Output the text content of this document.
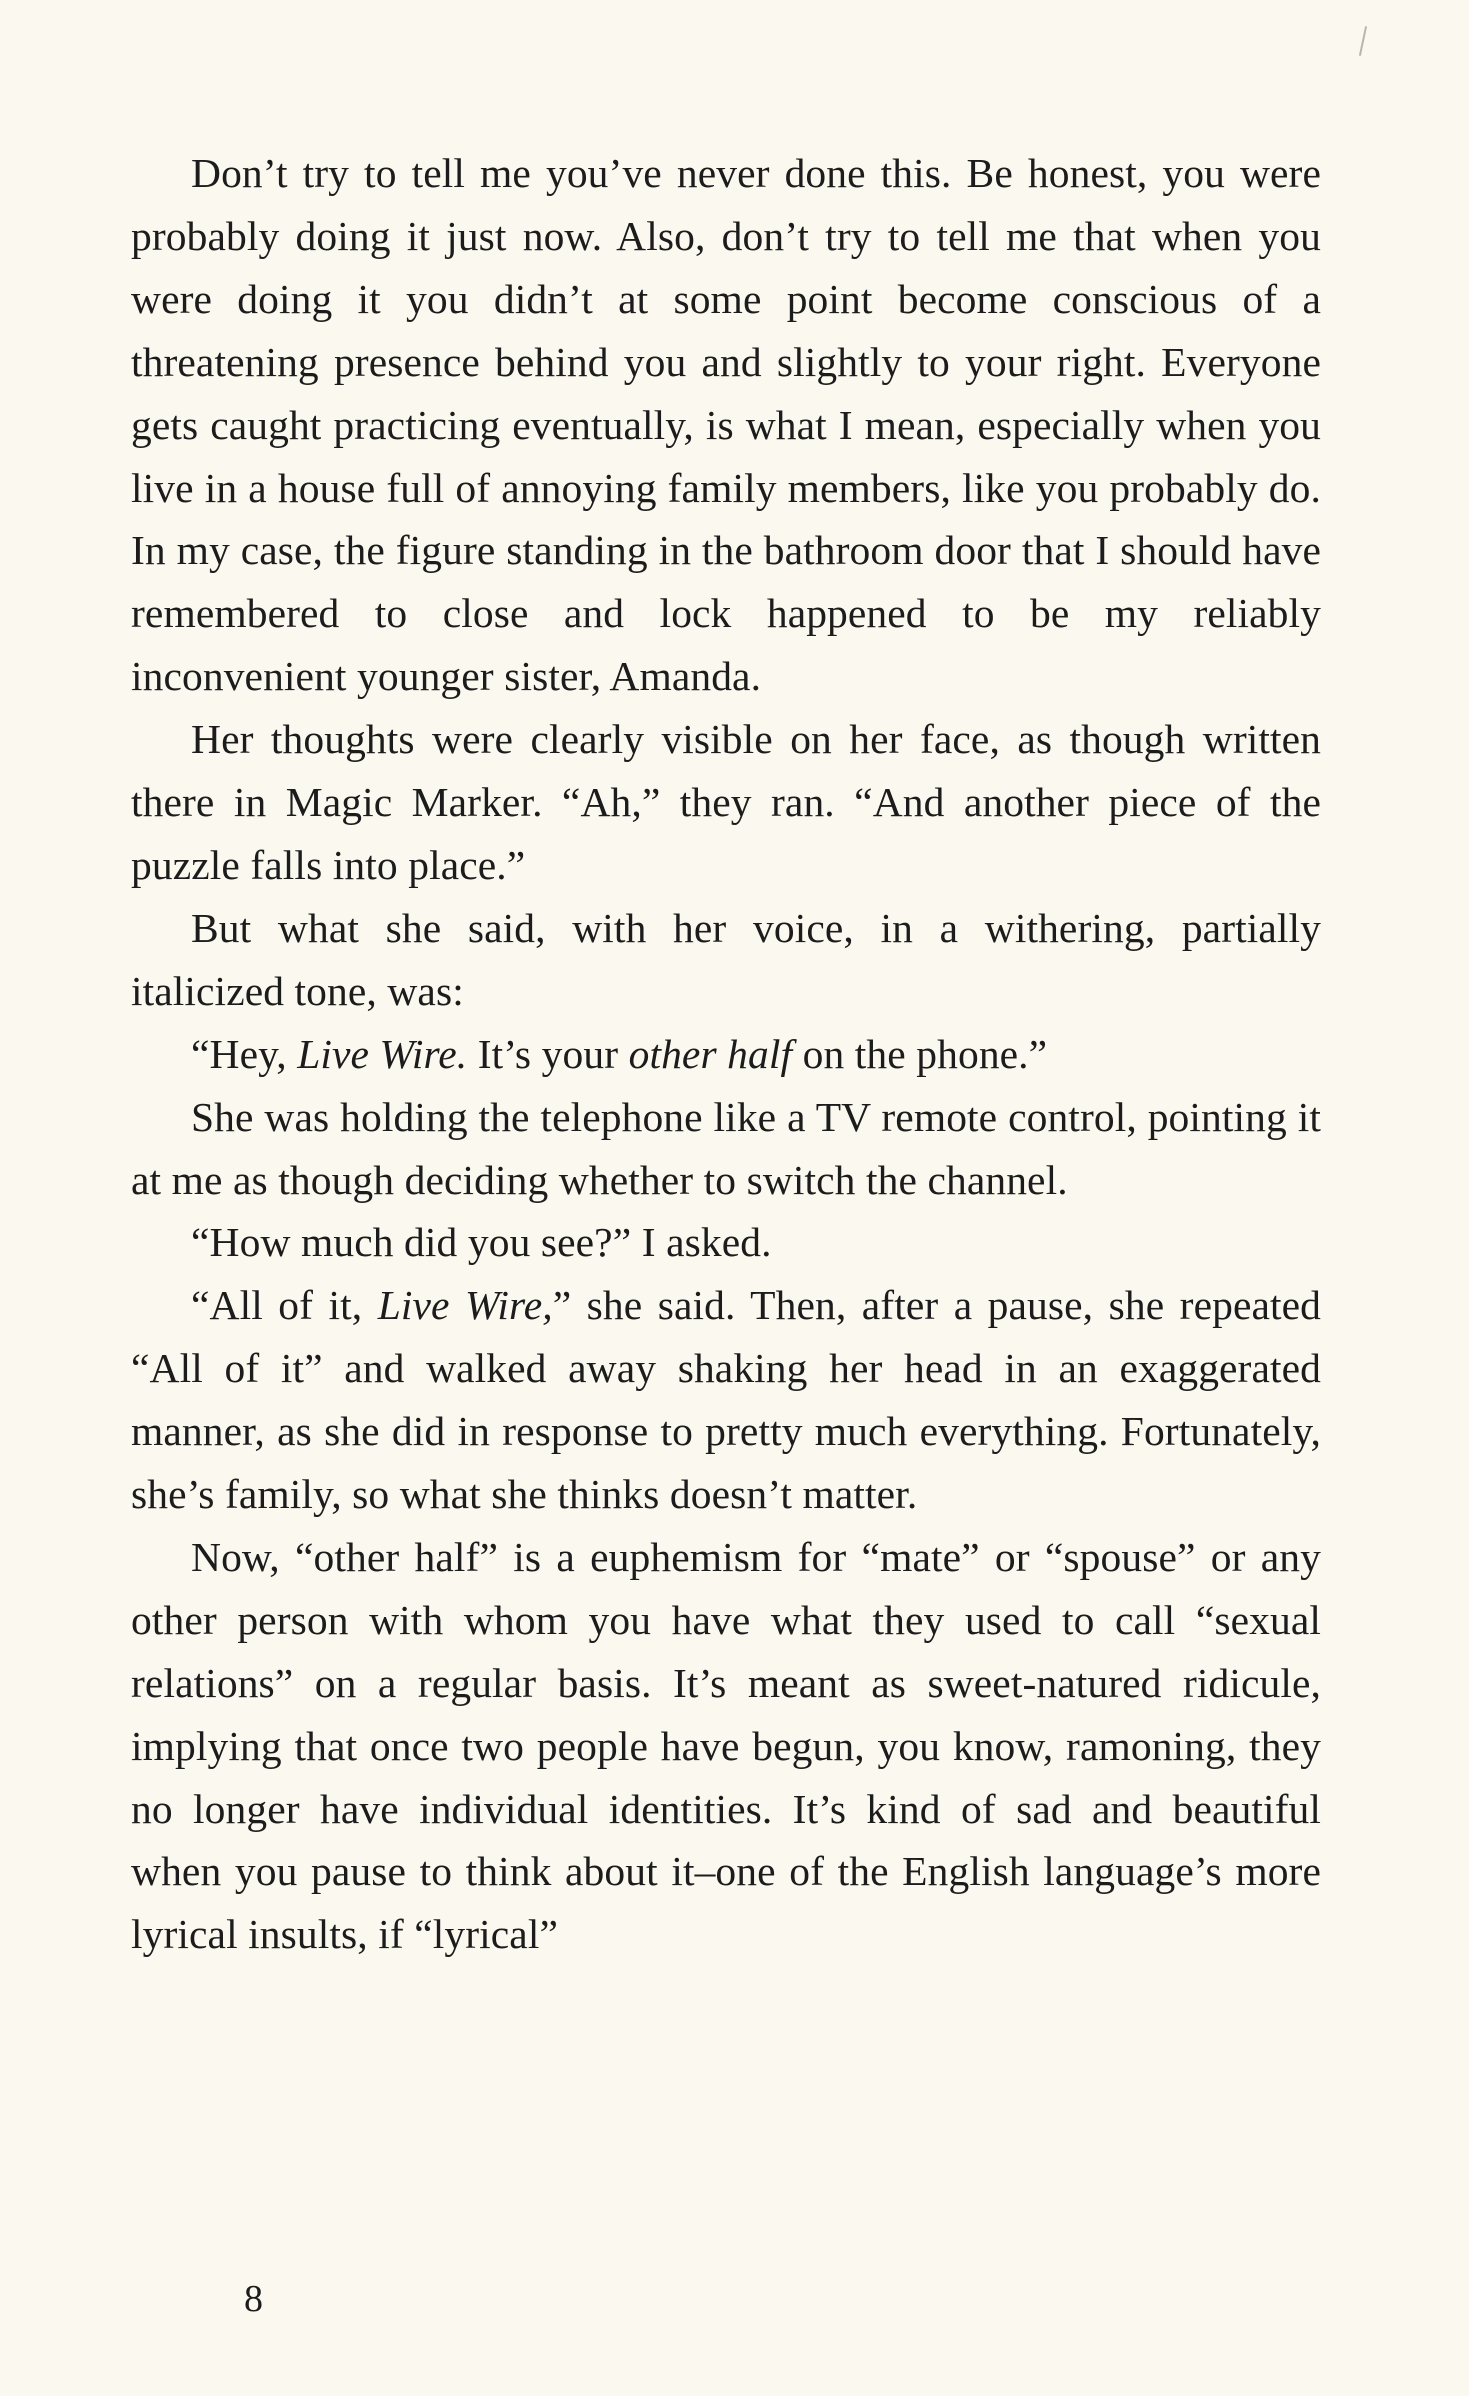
Don’t try to tell me you’ve never done this. Be honest, you were probably doing it just now. Also, don’t try to tell me that when you were doing it you didn’t at some point become conscious of a threatening presence behind you and slightly to your right. Everyone gets caught practicing eventually, is what I mean, especially when you live in a house full of annoying family members, like you probably do. In my case, the figure standing in the bathroom door that I should have remembered to close and lock happened to be my reliably inconvenient younger sister, Amanda.

Her thoughts were clearly visible on her face, as though written there in Magic Marker. “Ah,” they ran. “And another piece of the puzzle falls into place.”

But what she said, with her voice, in a withering, partially italicized tone, was:

“Hey, Live Wire. It’s your other half on the phone.”

She was holding the telephone like a TV remote control, pointing it at me as though deciding whether to switch the channel.

“How much did you see?” I asked.

“All of it, Live Wire,” she said. Then, after a pause, she repeated “All of it” and walked away shaking her head in an exaggerated manner, as she did in response to pretty much everything. Fortunately, she’s family, so what she thinks doesn’t matter.

Now, “other half” is a euphemism for “mate” or “spouse” or any other person with whom you have what they used to call “sexual relations” on a regular basis. It’s meant as sweet-natured ridicule, implying that once two people have begun, you know, ramoning, they no longer have individual identities. It’s kind of sad and beautiful when you pause to think about it–one of the English language’s more lyrical insults, if “lyrical”

8
